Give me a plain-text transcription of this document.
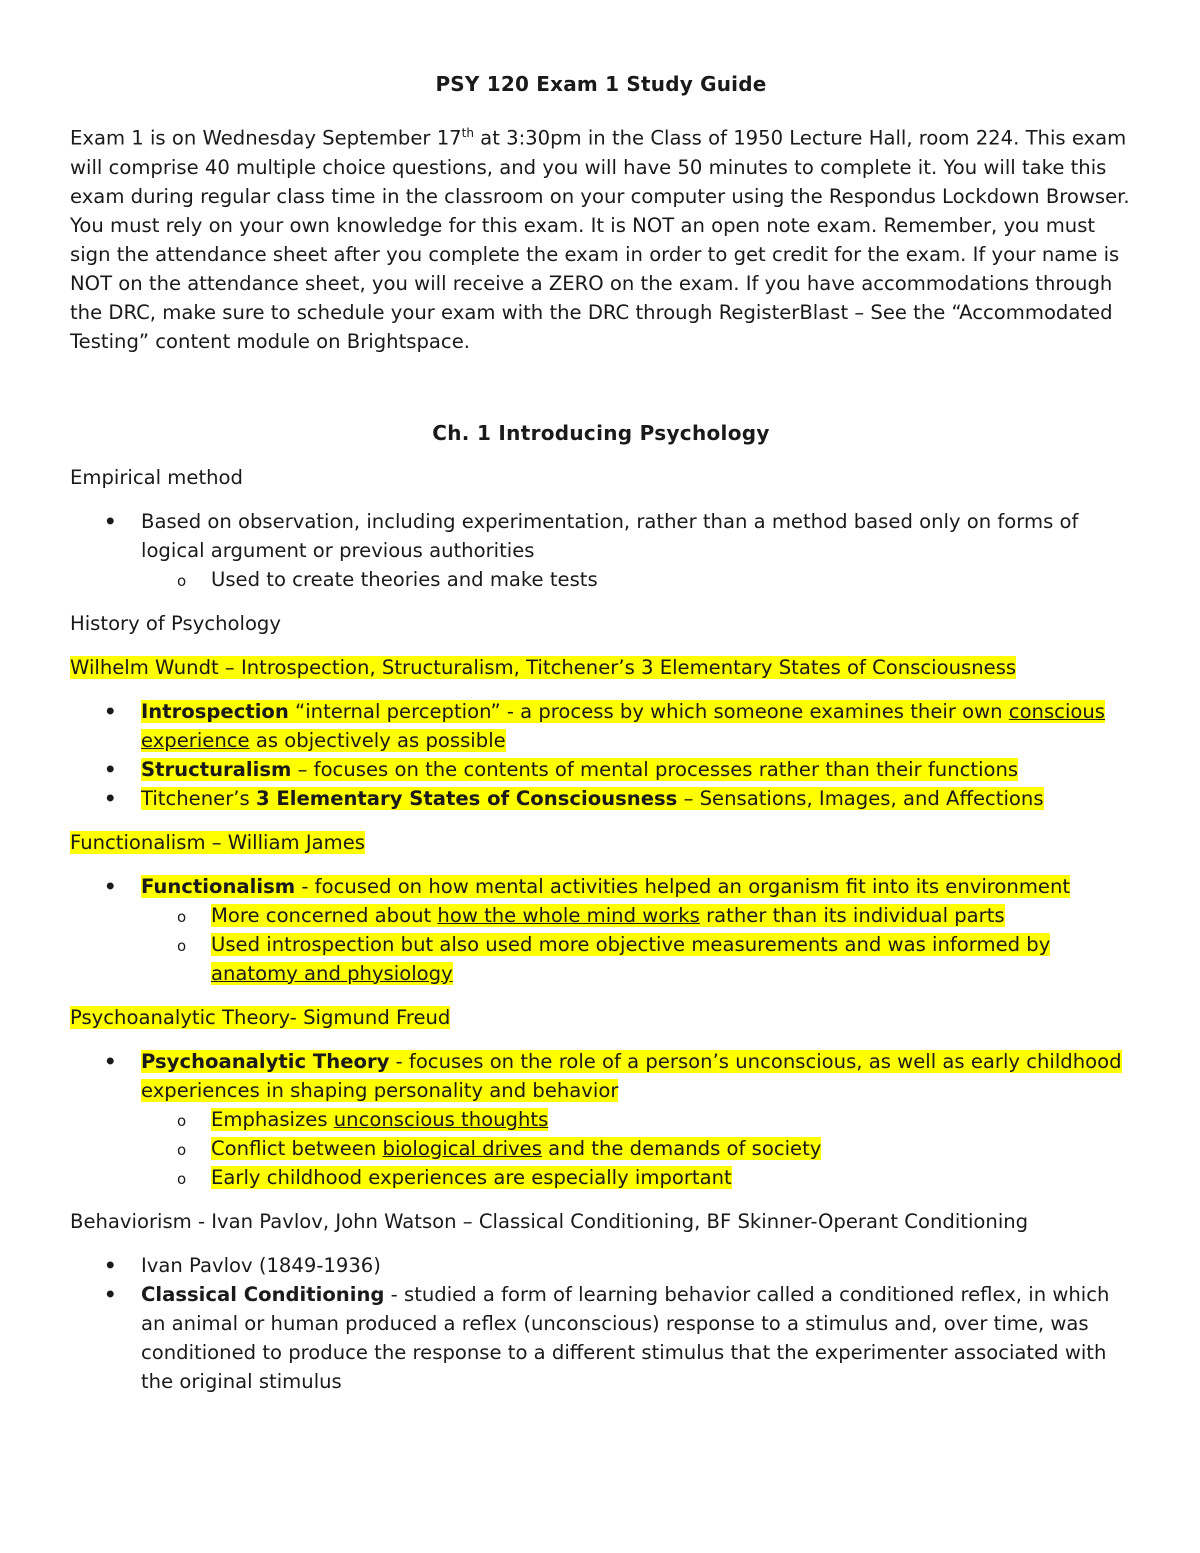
PSY 120 Exam 1 Study Guide

Exam 1 is on Wednesday September 17th at 3:30pm in the Class of 1950 Lecture Hall, room 224. This exam will comprise 40 multiple choice questions, and you will have 50 minutes to complete it. You will take this exam during regular class time in the classroom on your computer using the Respondus Lockdown Browser. You must rely on your own knowledge for this exam. It is NOT an open note exam. Remember, you must sign the attendance sheet after you complete the exam in order to get credit for the exam. If your name is NOT on the attendance sheet, you will receive a ZERO on the exam. If you have accommodations through the DRC, make sure to schedule your exam with the DRC through RegisterBlast – See the “Accommodated Testing” content module on Brightspace.

Ch. 1 Introducing Psychology

Empirical method

• Based on observation, including experimentation, rather than a method based only on forms of logical argument or previous authorities
o Used to create theories and make tests

History of Psychology

Wilhelm Wundt – Introspection, Structuralism, Titchener’s 3 Elementary States of Consciousness

• Introspection “internal perception” - a process by which someone examines their own conscious experience as objectively as possible
• Structuralism – focuses on the contents of mental processes rather than their functions
• Titchener’s 3 Elementary States of Consciousness – Sensations, Images, and Affections

Functionalism – William James

• Functionalism - focused on how mental activities helped an organism fit into its environment
o More concerned about how the whole mind works rather than its individual parts
o Used introspection but also used more objective measurements and was informed by anatomy and physiology

Psychoanalytic Theory- Sigmund Freud

• Psychoanalytic Theory - focuses on the role of a person’s unconscious, as well as early childhood experiences in shaping personality and behavior
o Emphasizes unconscious thoughts
o Conflict between biological drives and the demands of society
o Early childhood experiences are especially important

Behaviorism - Ivan Pavlov, John Watson – Classical Conditioning, BF Skinner-Operant Conditioning

• Ivan Pavlov (1849-1936)
• Classical Conditioning - studied a form of learning behavior called a conditioned reflex, in which an animal or human produced a reflex (unconscious) response to a stimulus and, over time, was conditioned to produce the response to a different stimulus that the experimenter associated with the original stimulus
